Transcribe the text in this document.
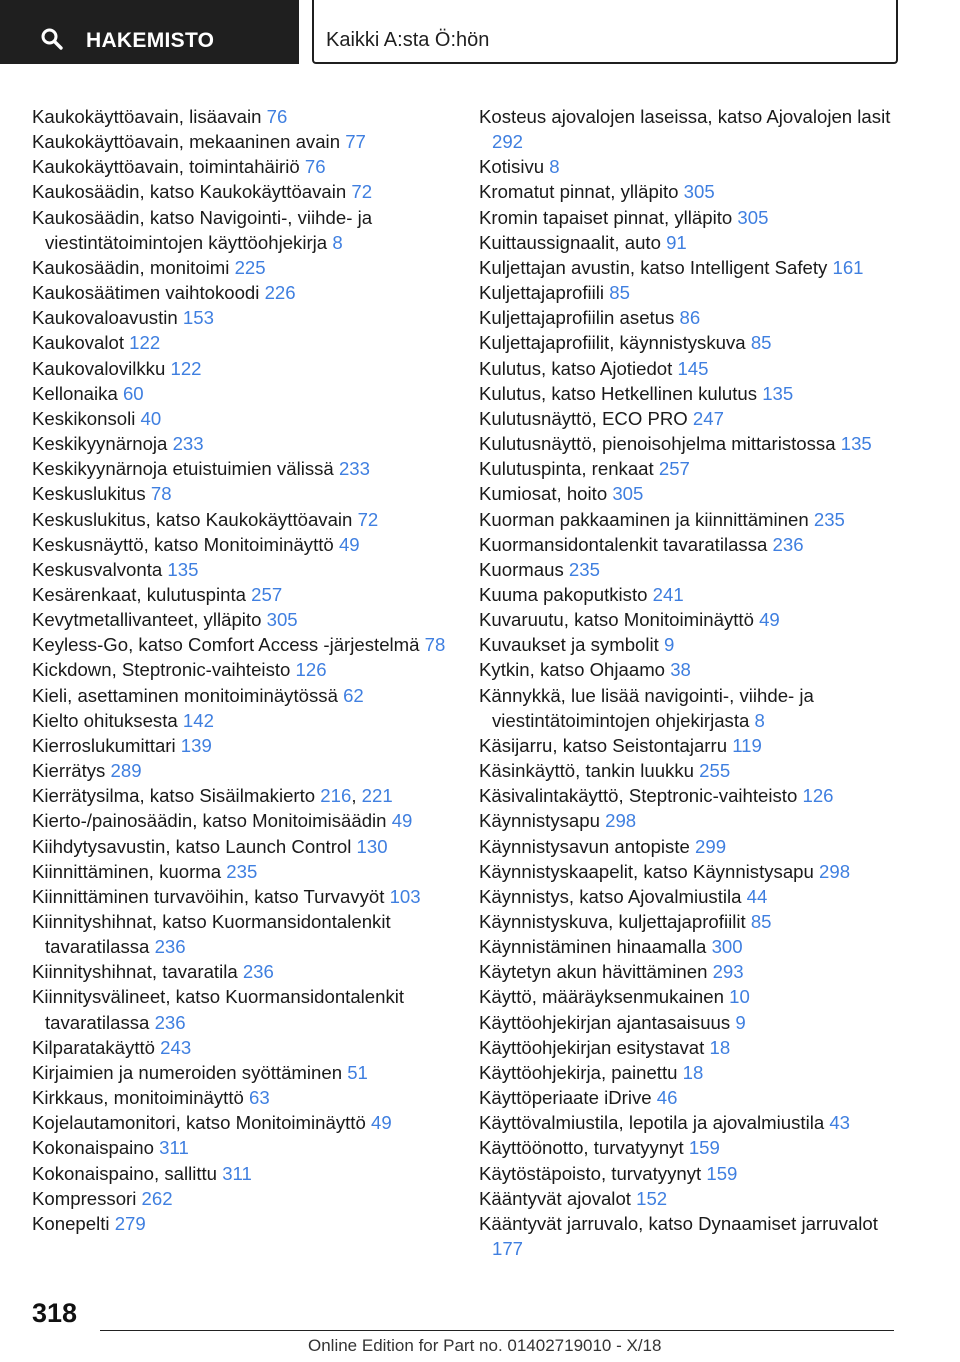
HAKEMISTO	Kaikki A:sta Ö:hön
Kaukokäyttöavain, lisäavain 76
Kaukokäyttöavain, mekaaninen avain 77
Kaukokäyttöavain, toimintahäiriö 76
Kaukosäädin, katso Kaukokäyttöavain 72
Kaukosäädin, katso Navigointi-, viihde- ja viestintätoimintojen käyttöohjekirja 8
Kaukosäädin, monitoimi 225
Kaukosäätimen vaihtokoodi 226
Kaukovaloavustin 153
Kaukovalot 122
Kaukovalovilkku 122
Kellonaika 60
Keskikonsoli 40
Keskikyynärnoja 233
Keskikyynärnoja etuistuimien välissä 233
Keskuslukitus 78
Keskuslukitus, katso Kaukokäyttöavain 72
Keskusnäyttö, katso Monitoiminäyttö 49
Keskusvalvonta 135
Kesärenkaat, kulutuspinta 257
Kevytmetallivanteet, ylläpito 305
Keyless-Go, katso Comfort Access -järjestelmä 78
Kickdown, Steptronic-vaihteisto 126
Kieli, asettaminen monitoiminäytössä 62
Kielto ohituksesta 142
Kierroslukumittari 139
Kierrätys 289
Kierrätysilma, katso Sisäilmakierto 216, 221
Kierto-/painosäädin, katso Monitoimisäädin 49
Kiihdytysavustin, katso Launch Control 130
Kiinnittäminen, kuorma 235
Kiinnittäminen turvavöihin, katso Turvavyöt 103
Kiinnityshihnat, katso Kuormansidontalenkit tavaratilassa 236
Kiinnityshihnat, tavaratila 236
Kiinnitysvälineet, katso Kuormansidontalenkit tavaratilassa 236
Kilparatakäyttö 243
Kirjaimien ja numeroiden syöttäminen 51
Kirkkaus, monitoiminäyttö 63
Kojelautamonitori, katso Monitoiminäyttö 49
Kokonaispaino 311
Kokonaispaino, sallittu 311
Kompressori 262
Konepelti 279
Kosteus ajovalojen laseissa, katso Ajovalojen lasit 292
Kotisivu 8
Kromatut pinnat, ylläpito 305
Kromin tapaiset pinnat, ylläpito 305
Kuittaussignaalit, auto 91
Kuljettajan avustin, katso Intelligent Safety 161
Kuljettajaprofiili 85
Kuljettajaprofiilin asetus 86
Kuljettajaprofiilit, käynnistyskuva 85
Kulutus, katso Ajotiedot 145
Kulutus, katso Hetkellinen kulutus 135
Kulutusnäyttö, ECO PRO 247
Kulutusnäyttö, pienoisohjelma mittaristossa 135
Kulutuspinta, renkaat 257
Kumiosat, hoito 305
Kuorman pakkaaminen ja kiinnittäminen 235
Kuormansidontalenkit tavaratilassa 236
Kuormaus 235
Kuuma pakoputkisto 241
Kuvaruutu, katso Monitoiminäyttö 49
Kuvaukset ja symbolit 9
Kytkin, katso Ohjaamo 38
Kännykkä, lue lisää navigointi-, viihde- ja viestintätoimintojen ohjekirjasta 8
Käsijarru, katso Seistontajarru 119
Käsinkäyttö, tankin luukku 255
Käsivalintakäyttö, Steptronic-vaihteisto 126
Käynnistysapu 298
Käynnistysavun antopiste 299
Käynnistyskaapelit, katso Käynnistysapu 298
Käynnistys, katso Ajovalmiustila 44
Käynnistyskuva, kuljettajaprofiilit 85
Käynnistäminen hinaamalla 300
Käytetyn akun hävittäminen 293
Käyttö, määräyksenmukainen 10
Käyttöohjekirjan ajantasaisuus 9
Käyttöohjekirjan esitystavat 18
Käyttöohjekirja, painettu 18
Käyttöperiaate iDrive 46
Käyttövalmiustila, lepotila ja ajovalmiustila 43
Käyttöönotto, turvatyynyt 159
Käytöstäpoisto, turvatyynyt 159
Kääntyvät ajovalot 152
Kääntyvät jarruvalo, katso Dynaamiset jarruvalot 177
318
Online Edition for Part no. 01402719010 - X/18
